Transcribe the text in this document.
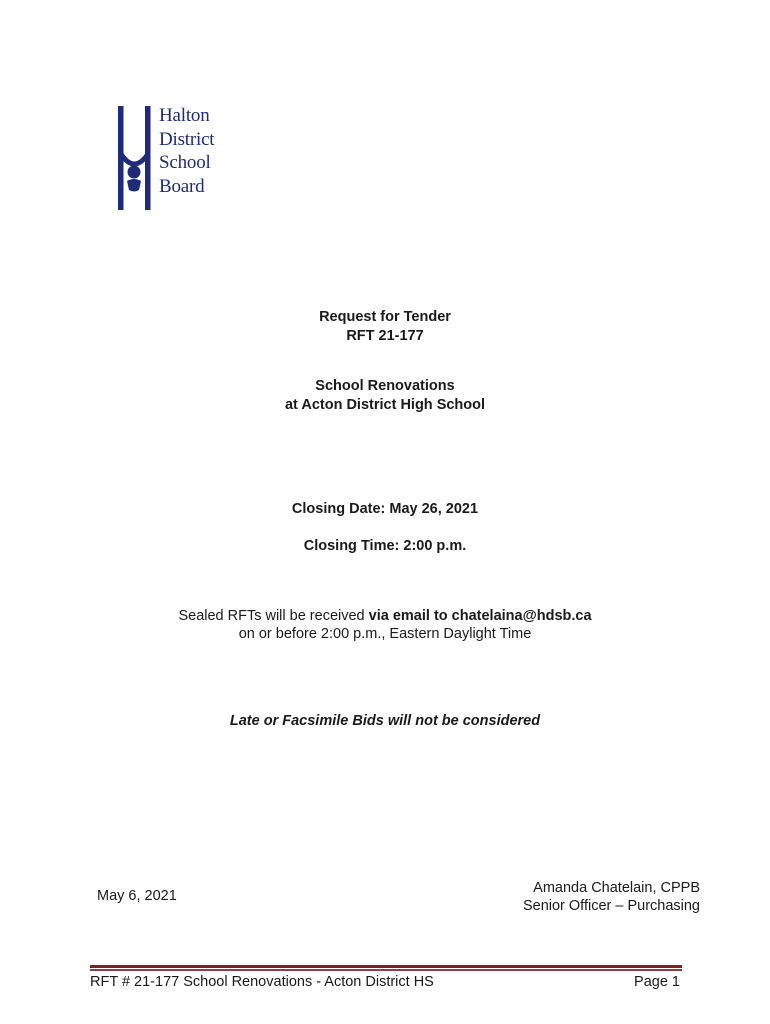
Halton
District
School
Board
Request for Tender
RFT 21-177
School Renovations
at Acton District High School
Closing Date: May 26, 2021
Closing Time: 2:00 p.m.
Sealed RFTs will be received via email to chatelaina@hdsb.ca
on or before 2:00 p.m., Eastern Daylight Time
Late or Facsimile Bids will not be considered
May 6, 2021	Amanda Chatelain, CPPB
Senior Officer – Purchasing
RFT # 21-177 School Renovations - Acton District HS	Page 1
